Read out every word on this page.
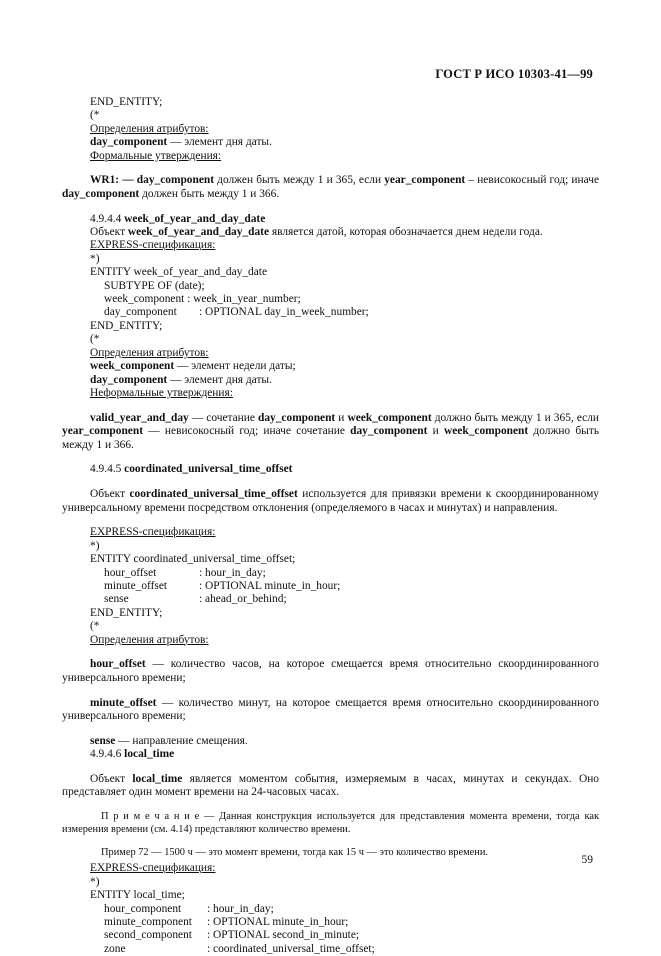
ГОСТ Р ИСО 10303-41—99

END_ENTITY;

(*

Определения атрибутов:

day_component — элемент дня даты.

Формальные утверждения:

WR1: — day_component должен быть между 1 и 365, если year_component – невисокосный год; иначе day_component должен быть между 1 и 366.

4.9.4.4 week_of_year_and_day_date

Объект week_of_year_and_day_date является датой, которая обозначается днем недели года.

EXPRESS-спецификация:

*)

ENTITY week_of_year_and_day_date

SUBTYPE OF (date);

week_component : week_in_year_number;

day_component : OPTIONAL day_in_week_number;

END_ENTITY;

(*

Определения атрибутов:

week_component — элемент недели даты;

day_component — элемент дня даты.

Неформальные утверждения:

valid_year_and_day — сочетание day_component и week_component должно быть между 1 и 365, если year_component — невисокосный год; иначе сочетание day_component и week_component должно быть между 1 и 366.

4.9.4.5 coordinated_universal_time_offset

Объект coordinated_universal_time_offset используется для привязки времени к скоординированному универсальному времени посредством отклонения (определяемого в часах и минутах) и направления.

EXPRESS-спецификация:

*)

ENTITY coordinated_universal_time_offset;

hour_offset	: hour_in_day;

minute_offset	: OPTIONAL minute_in_hour;

sense	: ahead_or_behind;

END_ENTITY;

(*

Определения атрибутов:

hour_offset — количество часов, на которое смещается время относительно скоординированного универсального времени;

minute_offset — количество минут, на которое смещается время относительно скоординированного универсального времени;

sense — направление смещения.

4.9.4.6 local_time

Объект local_time является моментом события, измеряемым в часах, минутах и секундах. Оно представляет один момент времени на 24-часовых часах.

П р и м е ч а н и е — Данная конструкция используется для представления момента времени, тогда как измерения времени (см. 4.14) представляют количество времени.

Пример 72 — 1500 ч — это момент времени, тогда как 15 ч — это количество времени.

EXPRESS-спецификация:

*)

ENTITY local_time;

hour_component : hour_in_day;

minute_component : OPTIONAL minute_in_hour;

second_component : OPTIONAL second_in_minute;

zone	: coordinated_universal_time_offset;

59
